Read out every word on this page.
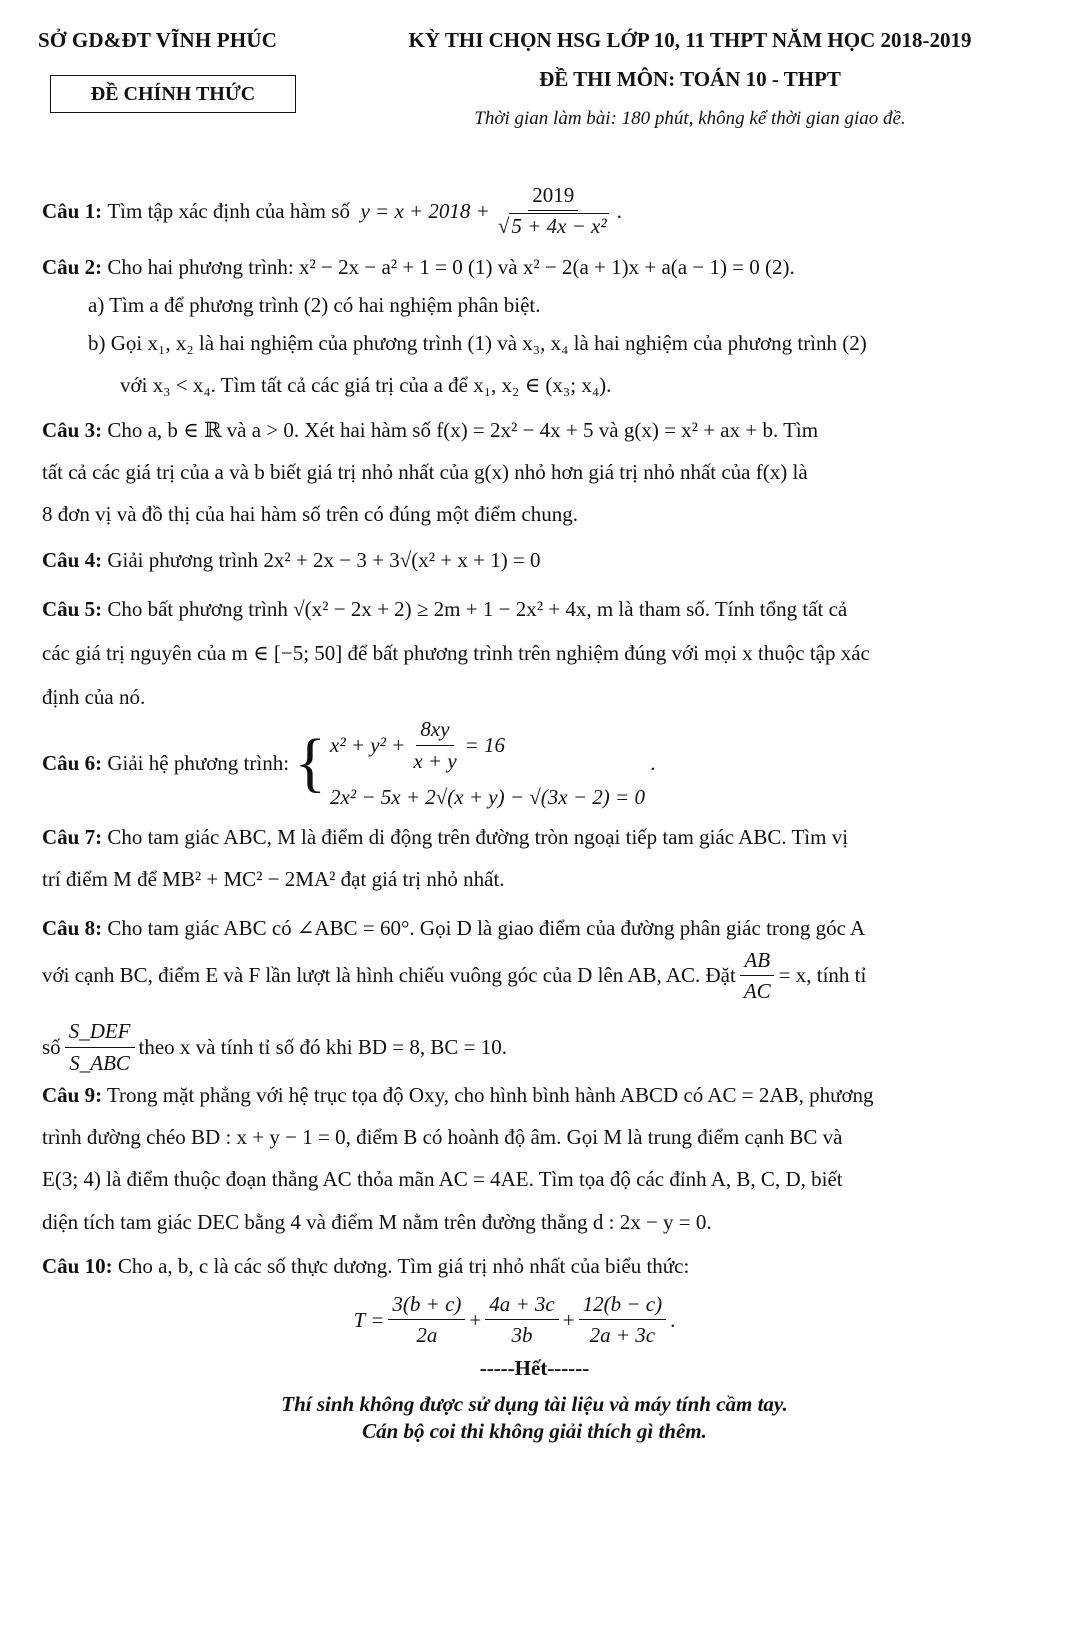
SỞ GD&ĐT VĨNH PHÚC
ĐỀ CHÍNH THỨC
KỲ THI CHỌN HSG LỚP 10, 11 THPT NĂM HỌC 2018-2019
ĐỀ THI MÔN: TOÁN 10 - THPT
Thời gian làm bài: 180 phút, không kể thời gian giao đề.
Câu 1:
Tìm tập xác định của hàm số
$y = x + 2018 + \frac{2019}{\text{√5 + 4x − x²}}$ .
Câu 2: Cho hai phương trình: x² − 2x − a² + 1 = 0 (1) và x² − 2(a + 1)x + a(a − 1) = 0 (2).
a) Tìm a để phương trình (2) có hai nghiệm phân biệt.
b) Gọi x₁, x₂ là hai nghiệm của phương trình (1) và x₃, x₄ là hai nghiệm của phương trình (2)
với x₃ < x₄. Tìm tất cả các giá trị của a để x₁, x₂ ∈ (x₃; x₄).
Câu 3: Cho a, b ∈ ℝ và a > 0. Xét hai hàm số f(x) = 2x² − 4x + 5 và g(x) = x² + ax + b. Tìm
tất cả các giá trị của a và b biết giá trị nhỏ nhất của g(x) nhỏ hơn giá trị nhỏ nhất của f(x) là
8 đơn vị và đồ thị của hai hàm số trên có đúng một điểm chung.
Câu 4: Giải phương trình 2x² + 2x − 3 + 3√(x² + x + 1) = 0
Câu 5: Cho bất phương trình √(x² − 2x + 2) ≥ 2m + 1 − 2x² + 4x, m là tham số. Tính tổng tất cả
các giá trị nguyên của m ∈ [−5; 50] để bất phương trình trên nghiệm đúng với mọi x thuộc tập xác
định của nó.
Câu 6:
Giải hệ phương trình:
{ $x^2 + y^2 + \frac{8xy}{x + y} = 16$
2x² − 5x + 2√(x + y) − √(3x − 2) = 0
.
Câu 7: Cho tam giác ABC, M là điểm di động trên đường tròn ngoại tiếp tam giác ABC. Tìm vị
trí điểm M để MB² + MC² − 2MA² đạt giá trị nhỏ nhất.
Câu 8: Cho tam giác ABC có ∠ABC = 60°. Gọi D là giao điểm của đường phân giác trong góc A
với cạnh BC, điểm E và F lần lượt là hình chiếu vuông góc của D lên AB, AC. Đặt $\frac{AB}{AC} = x$, tính tỉ
số $\frac{\text{S\_DEF}}{\text{S\_ABC}}$ theo x và tính tỉ số đó khi BD = 8, BC = 10.
Câu 9: Trong mặt phẳng với hệ trục tọa độ Oxy, cho hình bình hành ABCD có AC = 2AB, phương
trình đường chéo BD : x + y − 1 = 0, điểm B có hoành độ âm. Gọi M là trung điểm cạnh BC và
E(3; 4) là điểm thuộc đoạn thẳng AC thỏa mãn AC = 4AE. Tìm tọa độ các đỉnh A, B, C, D, biết
diện tích tam giác DEC bằng 4 và điểm M nằm trên đường thẳng d : 2x − y = 0.
Câu 10: Cho a, b, c là các số thực dương. Tìm giá trị nhỏ nhất của biểu thức:
$T = \frac{3(b + c)}{2a} + \frac{4a + 3c}{3b} + \frac{12(b - c)}{2a + 3c}$ .
-----Hết------
Thí sinh không được sử dụng tài liệu và máy tính cầm tay.
Cán bộ coi thi không giải thích gì thêm.
